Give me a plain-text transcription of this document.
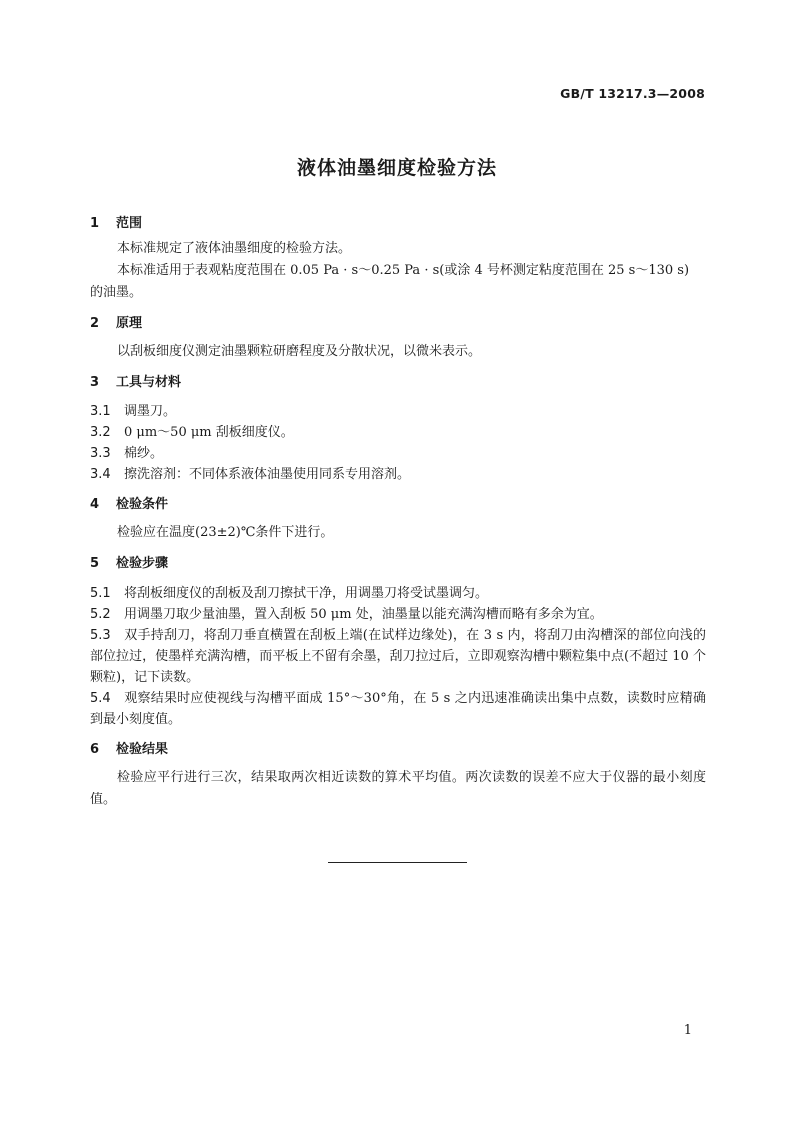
GB/T 13217.3—2008
液体油墨细度检验方法
1 范围

本标准规定了液体油墨细度的检验方法。

本标准适用于表观粘度范围在 0.05 Pa · s～0.25 Pa · s(或涂 4 号杯测定粘度范围在 25 s～130 s)

的油墨。

2 原理

以刮板细度仪测定油墨颗粒研磨程度及分散状况，以微米表示。

3 工具与材料

3.1 调墨刀。

3.2 0 μm～50 μm 刮板细度仪。

3.3 棉纱。

3.4 擦洗溶剂：不同体系液体油墨使用同系专用溶剂。

4 检验条件

检验应在温度(23±2)℃条件下进行。

5 检验步骤

5.1 将刮板细度仪的刮板及刮刀擦拭干净，用调墨刀将受试墨调匀。

5.2 用调墨刀取少量油墨，置入刮板 50 μm 处，油墨量以能充满沟槽而略有多余为宜。

5.3 双手持刮刀，将刮刀垂直横置在刮板上端(在试样边缘处)，在 3 s 内，将刮刀由沟槽深的部位向浅的部位拉过，使墨样充满沟槽，而平板上不留有余墨，刮刀拉过后，立即观察沟槽中颗粒集中点(不超过 10 个颗粒)，记下读数。

5.4 观察结果时应使视线与沟槽平面成 15°～30°角，在 5 s 之内迅速准确读出集中点数，读数时应精确到最小刻度值。

6 检验结果

检验应平行进行三次，结果取两次相近读数的算术平均值。两次读数的误差不应大于仪器的最小刻度值。

1
